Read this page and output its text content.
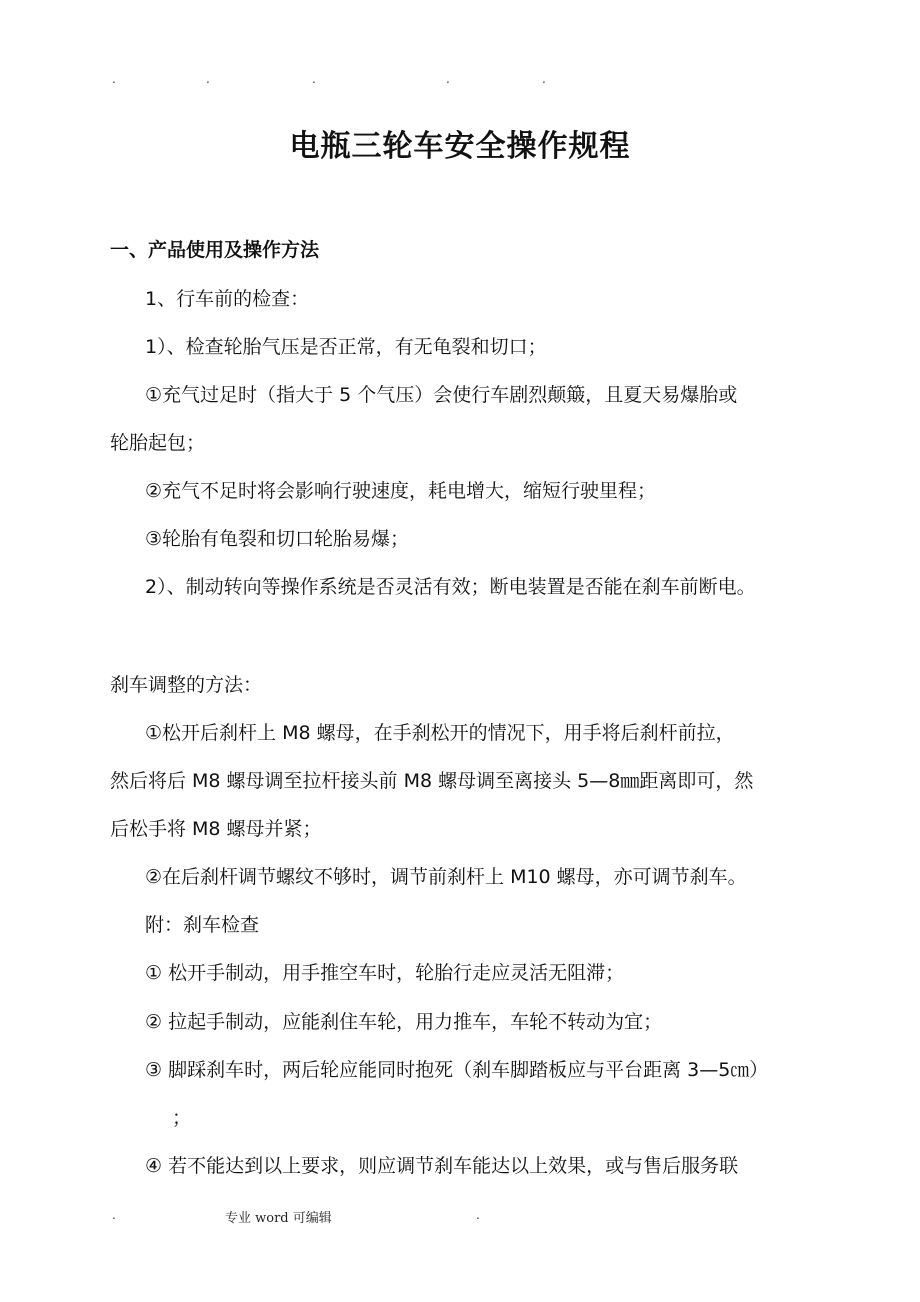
.	.	.	.	.
电瓶三轮车安全操作规程
一、产品使用及操作方法
1、行车前的检查：
1）、检查轮胎气压是否正常，有无龟裂和切口；
①充气过足时（指大于 5 个气压）会使行车剧烈颠簸，且夏天易爆胎或
轮胎起包；
②充气不足时将会影响行驶速度，耗电增大，缩短行驶里程；
③轮胎有龟裂和切口轮胎易爆；
2）、制动转向等操作系统是否灵活有效；断电装置是否能在刹车前断电。
刹车调整的方法：
①松开后刹杆上 M8 螺母，在手刹松开的情况下，用手将后刹杆前拉，
然后将后 M8 螺母调至拉杆接头前 M8 螺母调至离接头 5—8㎜距离即可，然
后松手将 M8 螺母并紧；
②在后刹杆调节螺纹不够时，调节前刹杆上 M10 螺母，亦可调节刹车。
附：刹车检查
① 松开手制动，用手推空车时，轮胎行走应灵活无阻滞；
② 拉起手制动，应能刹住车轮，用力推车，车轮不转动为宜；
③ 脚踩刹车时，两后轮应能同时抱死（刹车脚踏板应与平台距离 3—5㎝）
；
④ 若不能达到以上要求，则应调节刹车能达以上效果，或与售后服务联
.	专业 word 可编辑	.
